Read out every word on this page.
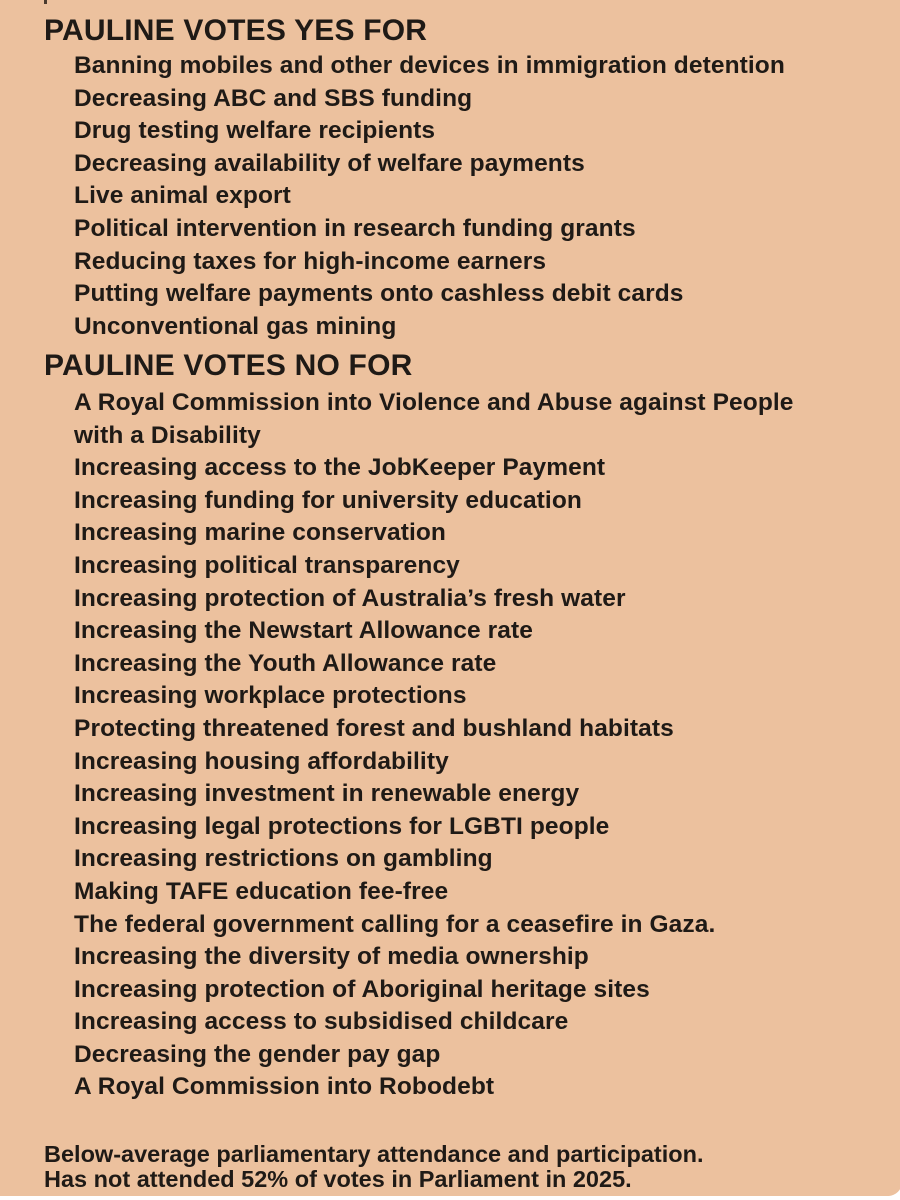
PAULINE VOTES YES FOR
Banning mobiles and other devices in immigration detention
Decreasing ABC and SBS funding
Drug testing welfare recipients
Decreasing availability of welfare payments
Live animal export
Political intervention in research funding grants
Reducing taxes for high-income earners
Putting welfare payments onto cashless debit cards
Unconventional gas mining
PAULINE VOTES NO FOR
A Royal Commission into Violence and Abuse against People
with a Disability
Increasing access to the JobKeeper Payment
Increasing funding for university education
Increasing marine conservation
Increasing political transparency
Increasing protection of Australia’s fresh water
Increasing the Newstart Allowance rate
Increasing the Youth Allowance rate
Increasing workplace protections
Protecting threatened forest and bushland habitats
Increasing housing affordability
Increasing investment in renewable energy
Increasing legal protections for LGBTI people
Increasing restrictions on gambling
Making TAFE education fee-free
The federal government calling for a ceasefire in Gaza.
Increasing the diversity of media ownership
Increasing protection of Aboriginal heritage sites
Increasing access to subsidised childcare
Decreasing the gender pay gap
A Royal Commission into Robodebt
Below-average parliamentary attendance and participation.
Has not attended 52% of votes in Parliament in 2025.
